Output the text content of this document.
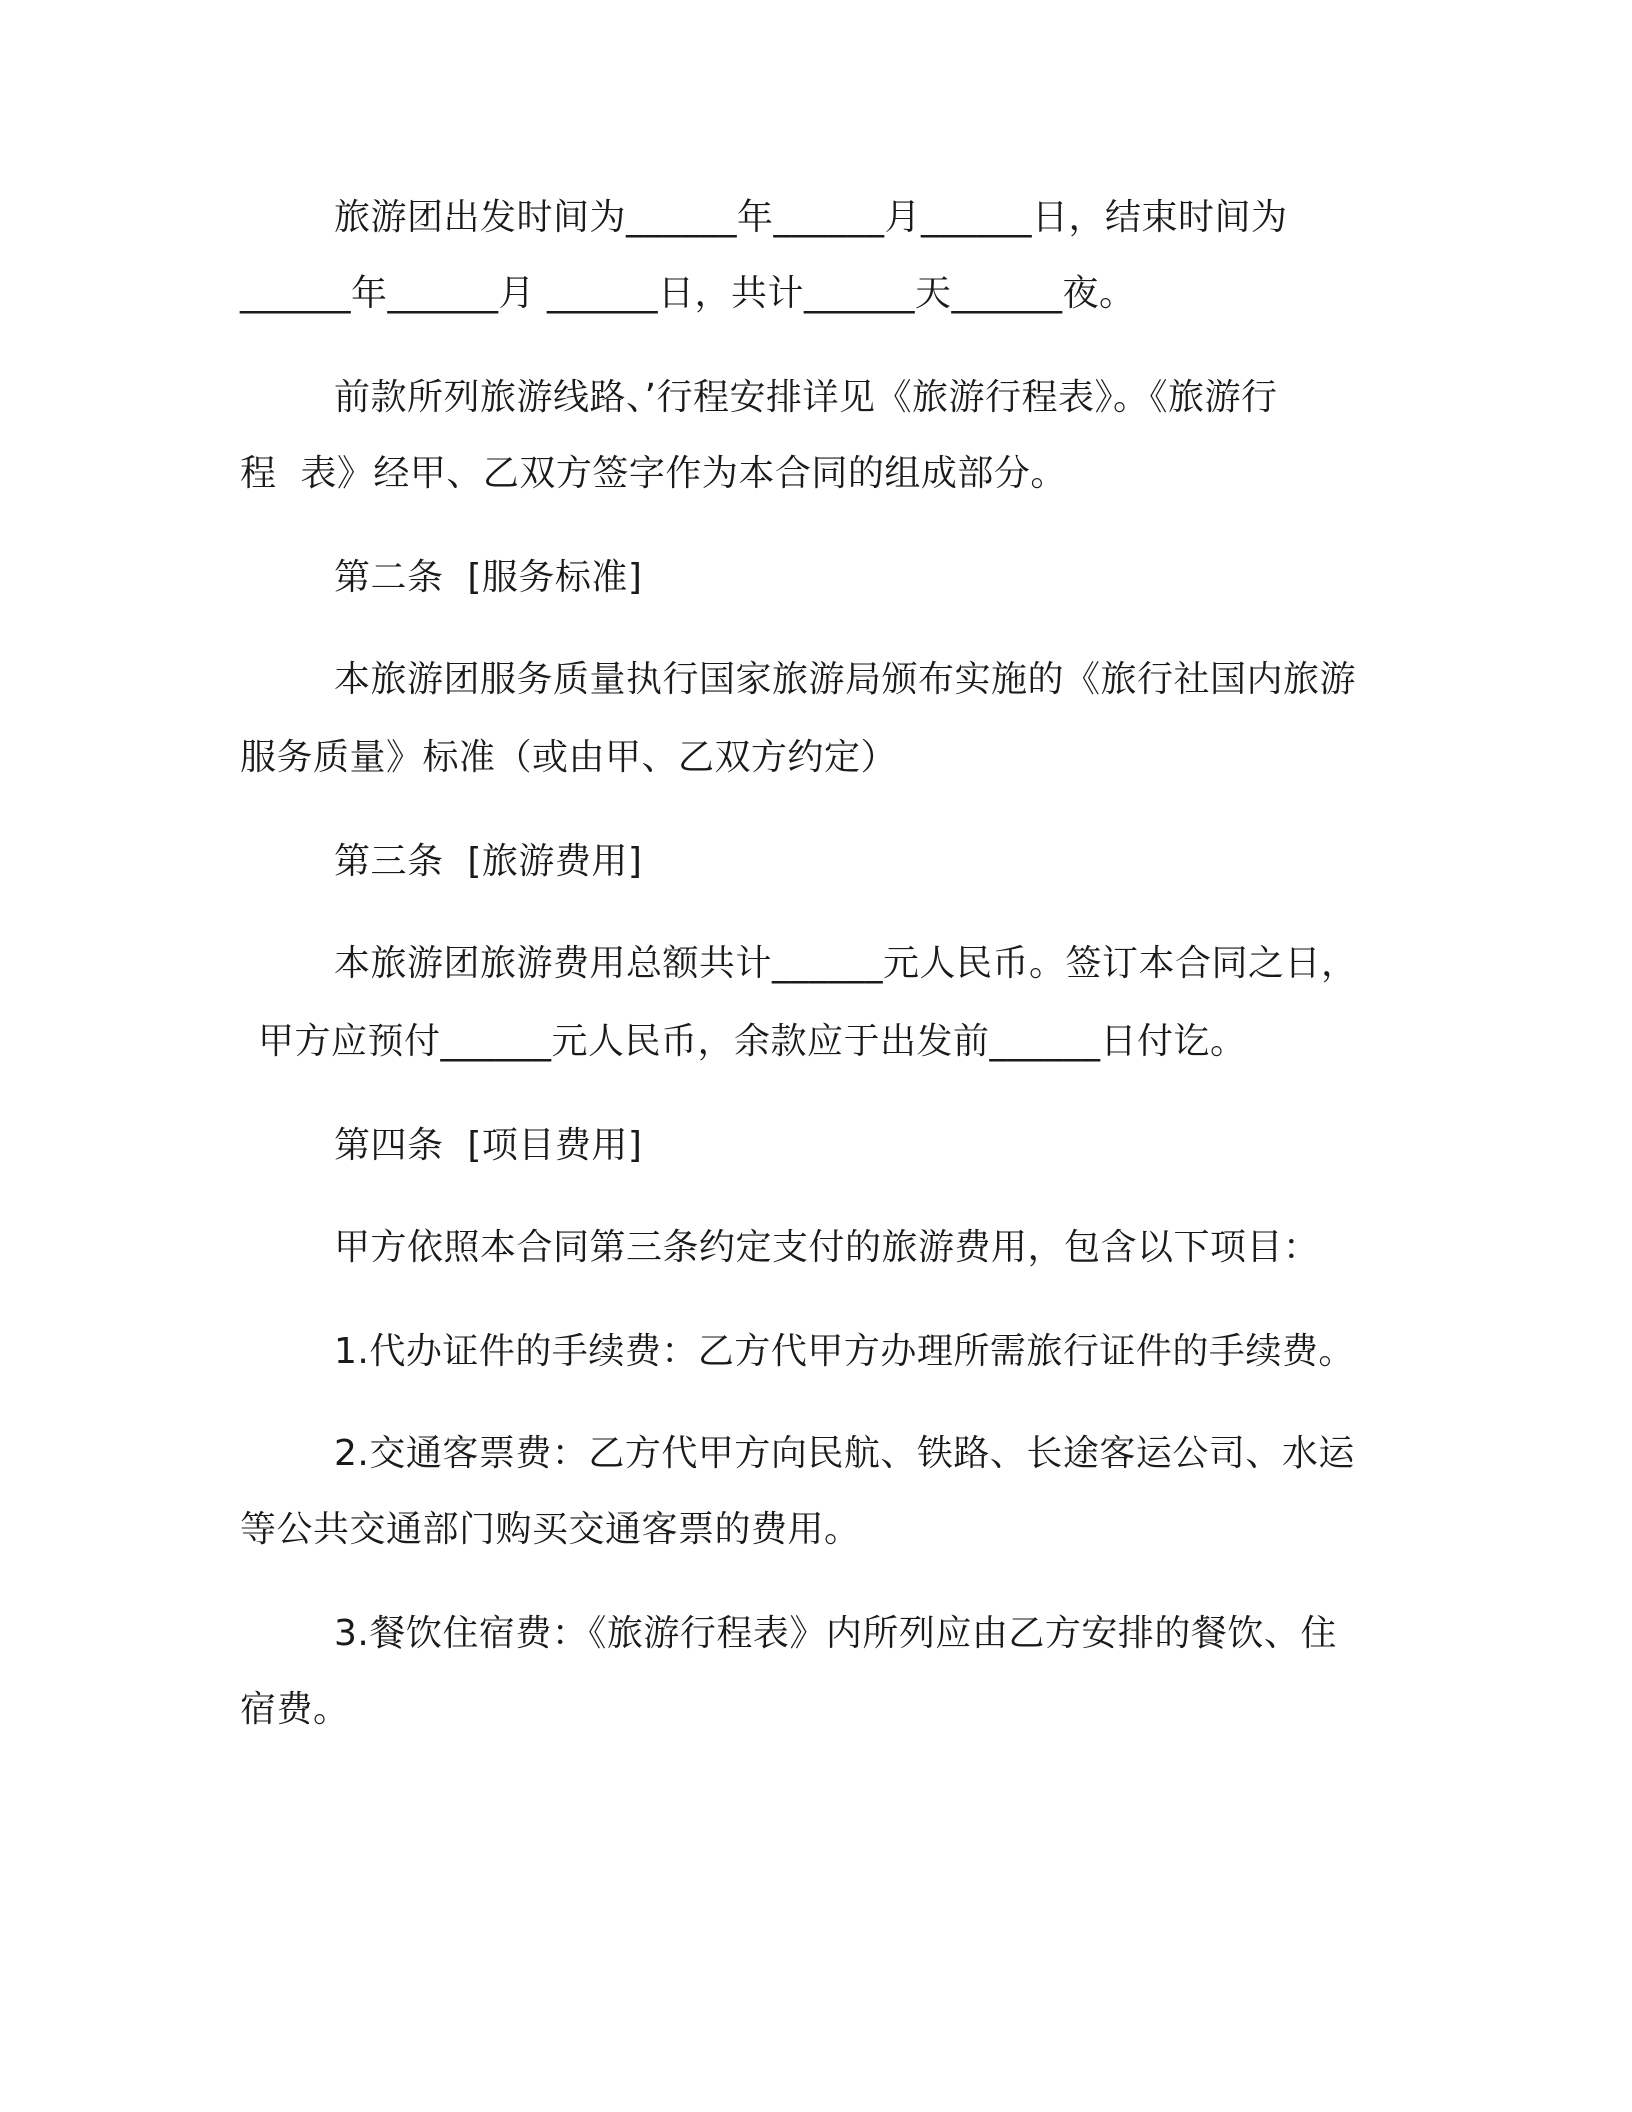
旅游团出发时间为______年______月______日，结束时间为
______年______月 ______日，共计______天______夜。
前款所列旅游线路、’行程安排详见《旅游行程表》。《旅游行
程  表》经甲、乙双方签字作为本合同的组成部分。
第二条  [服务标准]
本旅游团服务质量执行国家旅游局颁布实施的《旅行社国内旅游
服务质量》标准（或由甲、乙双方约定）
第三条  [旅游费用]
本旅游团旅游费用总额共计______元人民币。签订本合同之日，
甲方应预付______元人民币，余款应于出发前______日付讫。
第四条  [项目费用]
甲方依照本合同第三条约定支付的旅游费用，包含以下项目：
1.代办证件的手续费：乙方代甲方办理所需旅行证件的手续费。
2.交通客票费：乙方代甲方向民航、铁路、长途客运公司、水运
等公共交通部门购买交通客票的费用。
3.餐饮住宿费：《旅游行程表》内所列应由乙方安排的餐饮、住
宿费。
